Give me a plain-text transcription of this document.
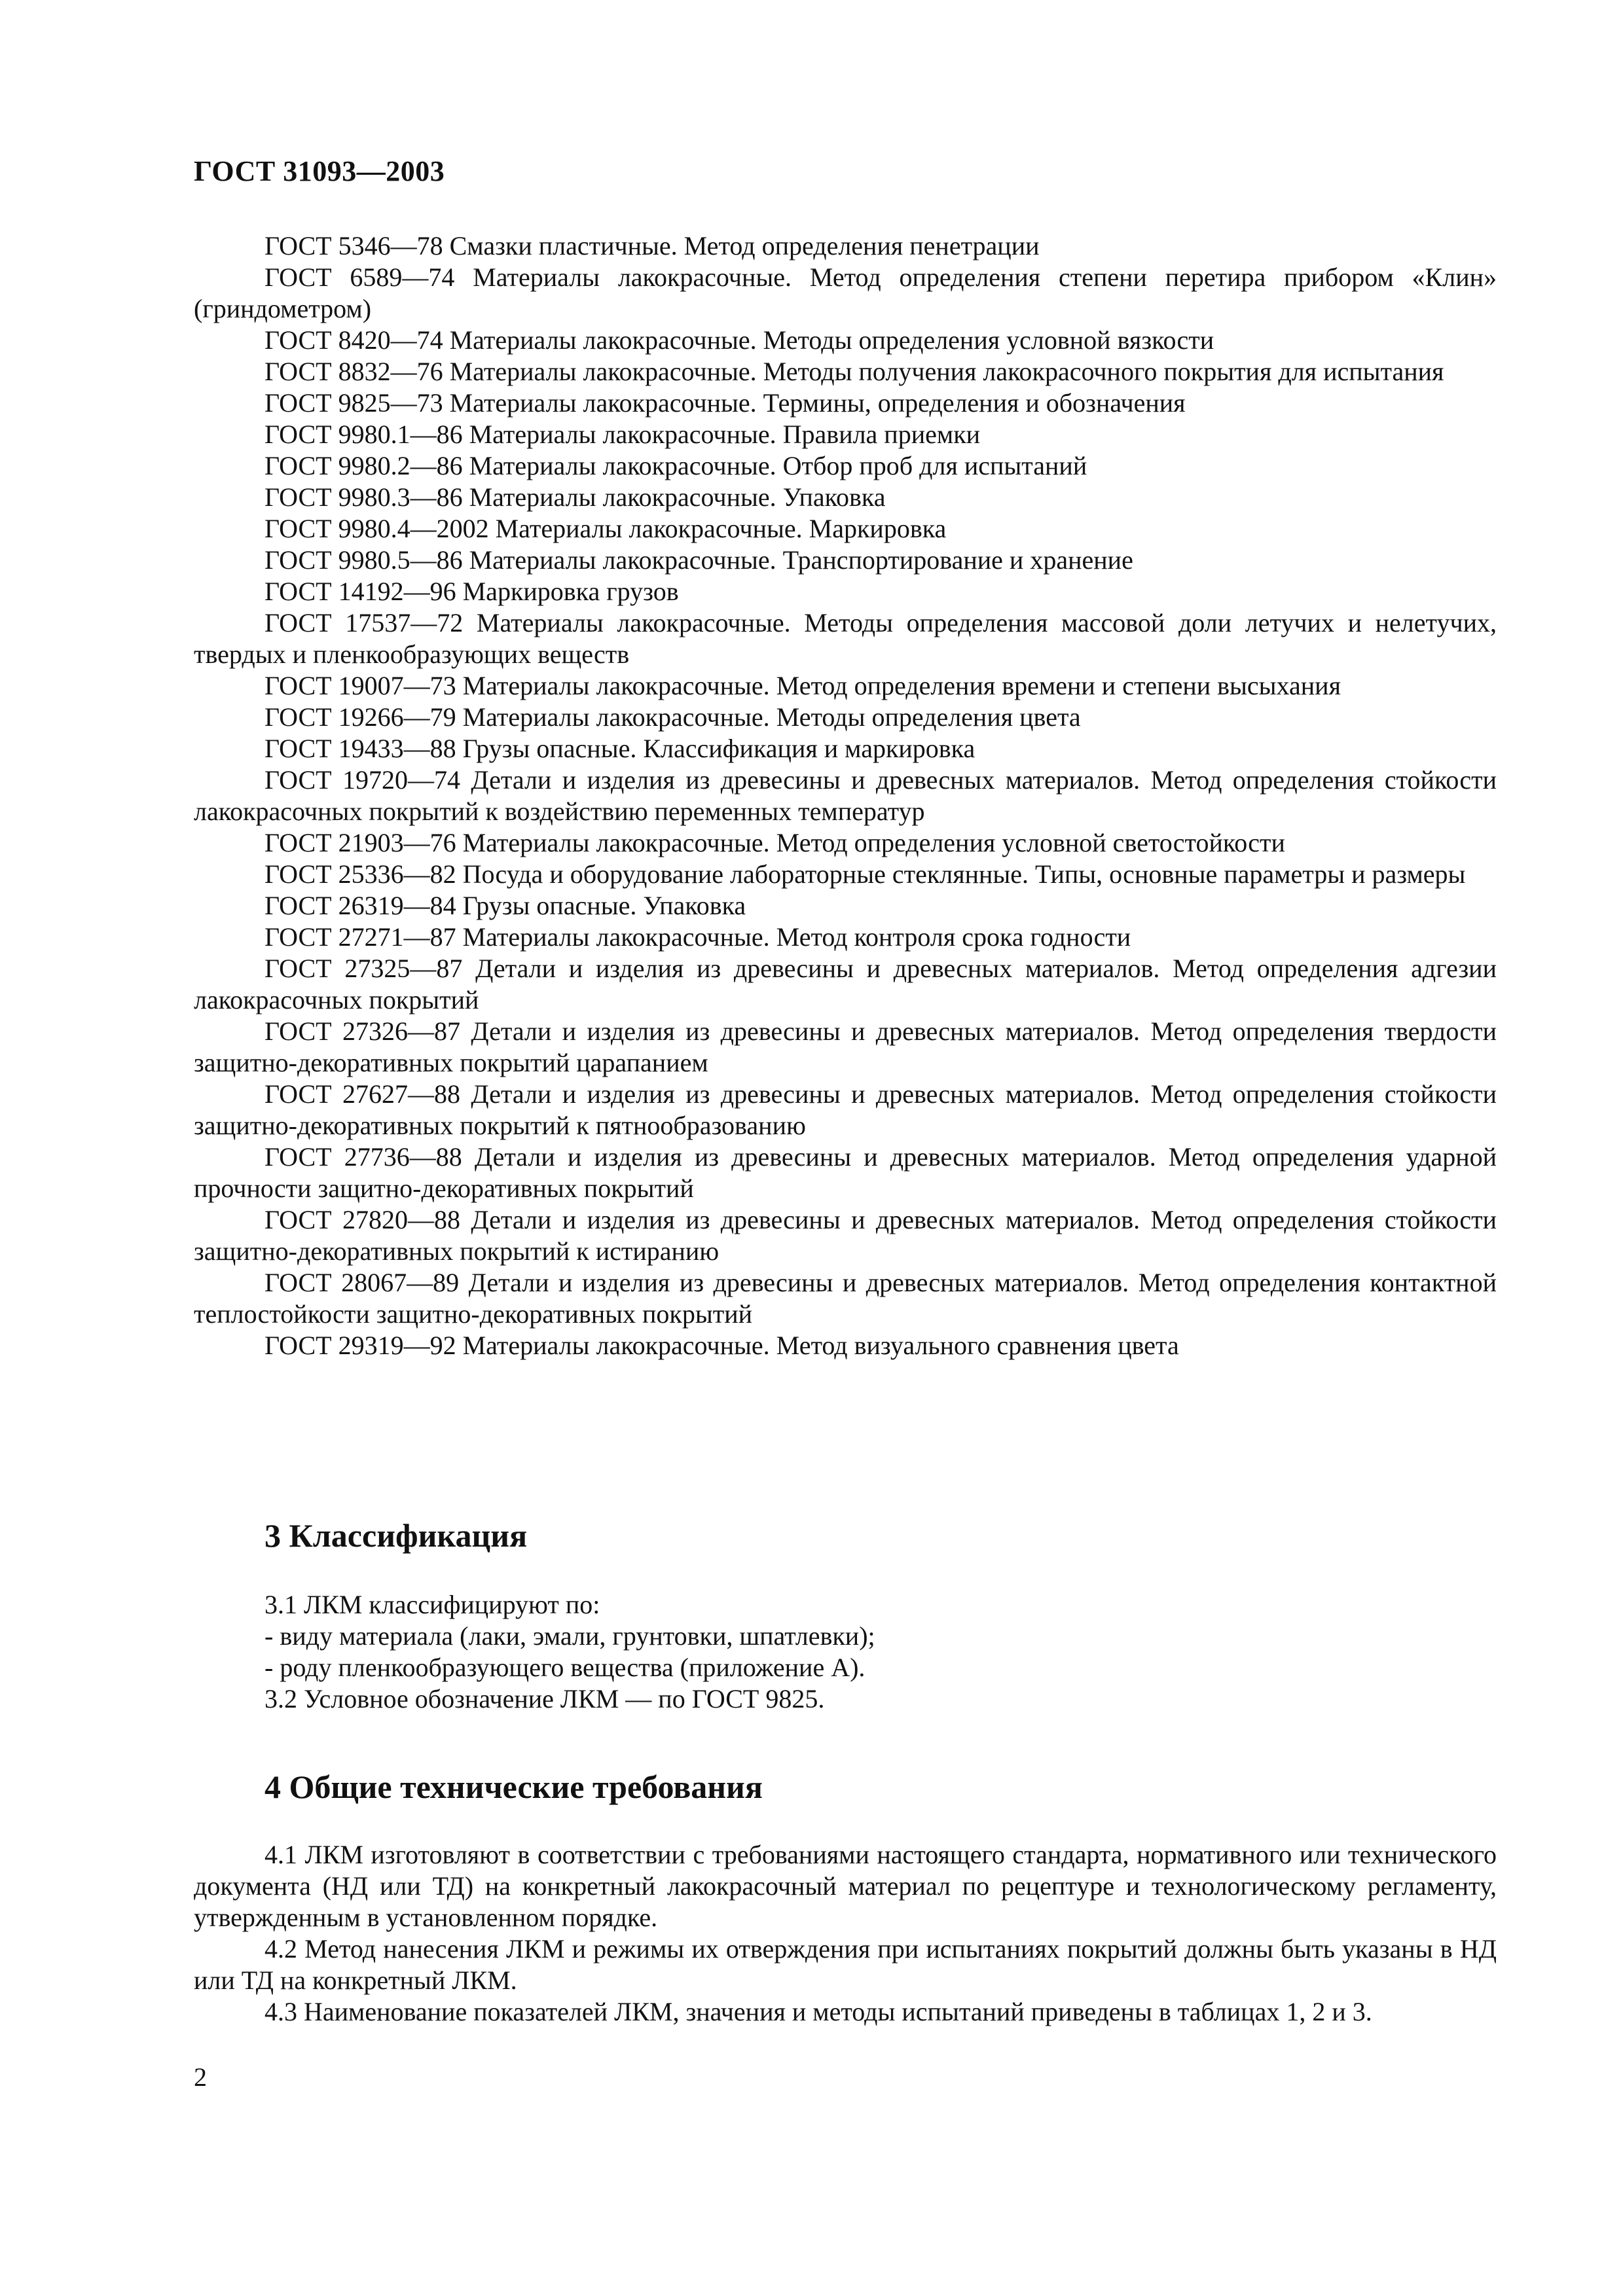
ГОСТ 31093—2003
ГОСТ 5346—78 Смазки пластичные. Метод определения пенетрации
ГОСТ 6589—74 Материалы лакокрасочные. Метод определения степени перетира прибором «Клин» (гриндометром)
ГОСТ 8420—74 Материалы лакокрасочные. Методы определения условной вязкости
ГОСТ 8832—76 Материалы лакокрасочные. Методы получения лакокрасочного покрытия для испытания
ГОСТ 9825—73 Материалы лакокрасочные. Термины, определения и обозначения
ГОСТ 9980.1—86 Материалы лакокрасочные. Правила приемки
ГОСТ 9980.2—86 Материалы лакокрасочные. Отбор проб для испытаний
ГОСТ 9980.3—86 Материалы лакокрасочные. Упаковка
ГОСТ 9980.4—2002 Материалы лакокрасочные. Маркировка
ГОСТ 9980.5—86 Материалы лакокрасочные. Транспортирование и хранение
ГОСТ 14192—96 Маркировка грузов
ГОСТ 17537—72 Материалы лакокрасочные. Методы определения массовой доли летучих и нелетучих, твердых и пленкообразующих веществ
ГОСТ 19007—73 Материалы лакокрасочные. Метод определения времени и степени высыхания
ГОСТ 19266—79 Материалы лакокрасочные. Методы определения цвета
ГОСТ 19433—88 Грузы опасные. Классификация и маркировка
ГОСТ 19720—74 Детали и изделия из древесины и древесных материалов. Метод определения стойкости лакокрасочных покрытий к воздействию переменных температур
ГОСТ 21903—76 Материалы лакокрасочные. Метод определения условной светостойкости
ГОСТ 25336—82 Посуда и оборудование лабораторные стеклянные. Типы, основные параметры и размеры
ГОСТ 26319—84 Грузы опасные. Упаковка
ГОСТ 27271—87 Материалы лакокрасочные. Метод контроля срока годности
ГОСТ 27325—87 Детали и изделия из древесины и древесных материалов. Метод определения адгезии лакокрасочных покрытий
ГОСТ 27326—87 Детали и изделия из древесины и древесных материалов. Метод определения твердости защитно-декоративных покрытий царапанием
ГОСТ 27627—88 Детали и изделия из древесины и древесных материалов. Метод определения стойкости защитно-декоративных покрытий к пятнообразованию
ГОСТ 27736—88 Детали и изделия из древесины и древесных материалов. Метод определения ударной прочности защитно-декоративных покрытий
ГОСТ 27820—88 Детали и изделия из древесины и древесных материалов. Метод определения стойкости защитно-декоративных покрытий к истиранию
ГОСТ 28067—89 Детали и изделия из древесины и древесных материалов. Метод определения контактной теплостойкости защитно-декоративных покрытий
ГОСТ 29319—92 Материалы лакокрасочные. Метод визуального сравнения цвета
3 Классификация

3.1 ЛКМ классифицируют по:

- виду материала (лаки, эмали, грунтовки, шпатлевки);

- роду пленкообразующего вещества (приложение А).

3.2 Условное обозначение ЛКМ — по ГОСТ 9825.

4 Общие технические требования

4.1 ЛКМ изготовляют в соответствии с требованиями настоящего стандарта, нормативного или технического документа (НД или ТД) на конкретный лакокрасочный материал по рецептуре и технологическому регламенту, утвержденным в установленном порядке.

4.2 Метод нанесения ЛКМ и режимы их отверждения при испытаниях покрытий должны быть указаны в НД или ТД на конкретный ЛКМ.

4.3 Наименование показателей ЛКМ, значения и методы испытаний приведены в таблицах 1, 2 и 3.

2
